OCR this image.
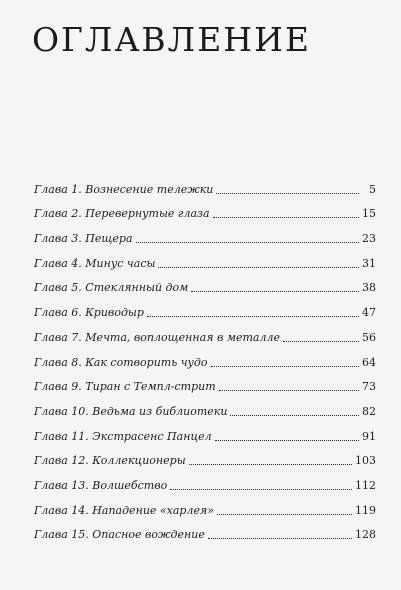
ОГЛАВЛЕНИЕ
Глава 1. Вознесение тележки	5
Глава 2. Перевернутые глаза	15
Глава 3. Пещера	23
Глава 4. Минус часы	31
Глава 5. Стеклянный дом	38
Глава 6. Криводыр	47
Глава 7. Мечта, воплощенная в металле	56
Глава 8. Как сотворить чудо	64
Глава 9. Тиран с Темпл-стрит	73
Глава 10. Ведьма из библиотеки	82
Глава 11. Экстрасенс Панцел	91
Глава 12. Коллекционеры	103
Глава 13. Волшебство	112
Глава 14. Нападение «харлея»	119
Глава 15. Опасное вождение	128
